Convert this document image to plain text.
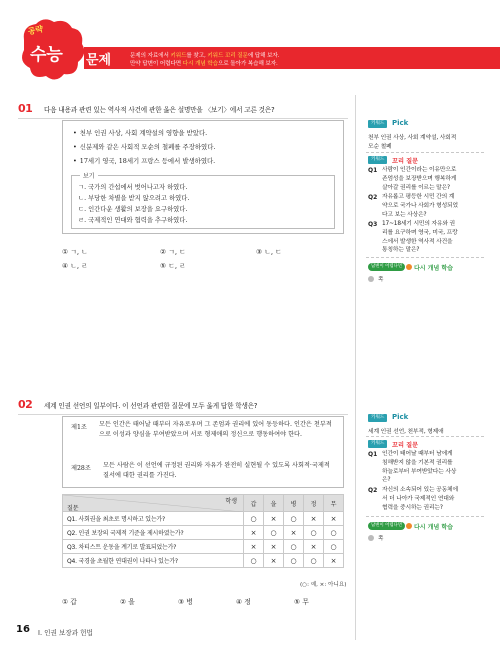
문제의 자료에서 키워드를 찾고, 키워드 꼬리 질문에 답해 보자.
만약 답변이 어렵다면 다시 개념 학습으로 돌아가 복습해 보자.
공략
수능 문제
01 다음 내용과 관련 있는 역사적 사건에 관한 옳은 설명만을 〈보기〉에서 고른 것은?
• 천부 인권 사상, 사회 계약설의 영향을 받았다.
• 신분제와 같은 사회적 모순의 철폐를 주장하였다.
• 17세기 영국, 18세기 프랑스 등에서 발생하였다.
보기
ㄱ. 국가의 간섭에서 벗어나고자 하였다.
ㄴ. 부당한 차별을 받지 않으려고 하였다.
ㄷ. 인간다운 생활의 보장을 요구하였다.
ㄹ. 국제적인 연대와 협력을 추구하였다.
① ㄱ, ㄴ	② ㄱ, ㄷ	③ ㄴ, ㄷ
④ ㄴ, ㄹ	⑤ ㄷ, ㄹ
02 세계 인권 선언의 일부이다. 이 선언과 관련한 질문에 모두 옳게 답한 학생은?
제1조 모든 인간은 태어날 때부터 자유로우며 그 존엄과 권리에 있어 동등하다. 인간은 천부적으로 이성과 양심을 부여받았으며 서로 형제애의 정신으로 행동하여야 한다.
제28조 모든 사람은 이 선언에 규정된 권리와 자유가 완전히 실현될 수 있도록 사회적·국제적 질서에 대한 권리를 가진다.
질문
학생	갑	을	병	정	무
Q1. 사회권을 최초로 명시하고 있는가?	○	×	○	×	×
Q2. 인권 보장의 국제적 기준을 제시하였는가?	×	○	×	○	○
Q3. 차티스트 운동을 계기로 발표되었는가?	×	×	○	×	○
Q4. 국경을 초월한 연대권이 나타나 있는가?	○	×	○	○	×
(○: 예, ×: 아니요)
① 갑	② 을	③ 병	④ 정	⑤ 무
키워드	Pick
천부 인권 사상, 사회 계약설, 사회적
모순 철폐
키워드	꼬리 질문
Q1 사람이 인간이라는 이유만으로
존엄성을 보장받으며 행복하게
살아갈 권리를 이르는 말은?
Q2 자유롭고 평등한 시민 간의 계
약으로 국가나 사회가 형성되었
다고 보는 사상은?
Q3 17~18세기 시민의 자유와 권
리를 요구하며 영국, 미국, 프랑
스에서 발생한 역사적 사건을
통칭하는 말은?
답변이 어렵다면	다시 개념 학습
쪽
키워드	Pick
세계 인권 선언, 천부적, 형제애
키워드	꼬리 질문
Q1 인간이 태어날 때부터 남에게
침해받지 않을 기본적 권리를
하늘로부터 부여받았다는 사상
은?
Q2 자신의 소속되어 있는 공동체에
서 더 나아가 국제적인 연대와
협력을 중시하는 권리는?
답변이 어렵다면	다시 개념 학습
쪽
16 Ⅰ. 인권 보장과 헌법
